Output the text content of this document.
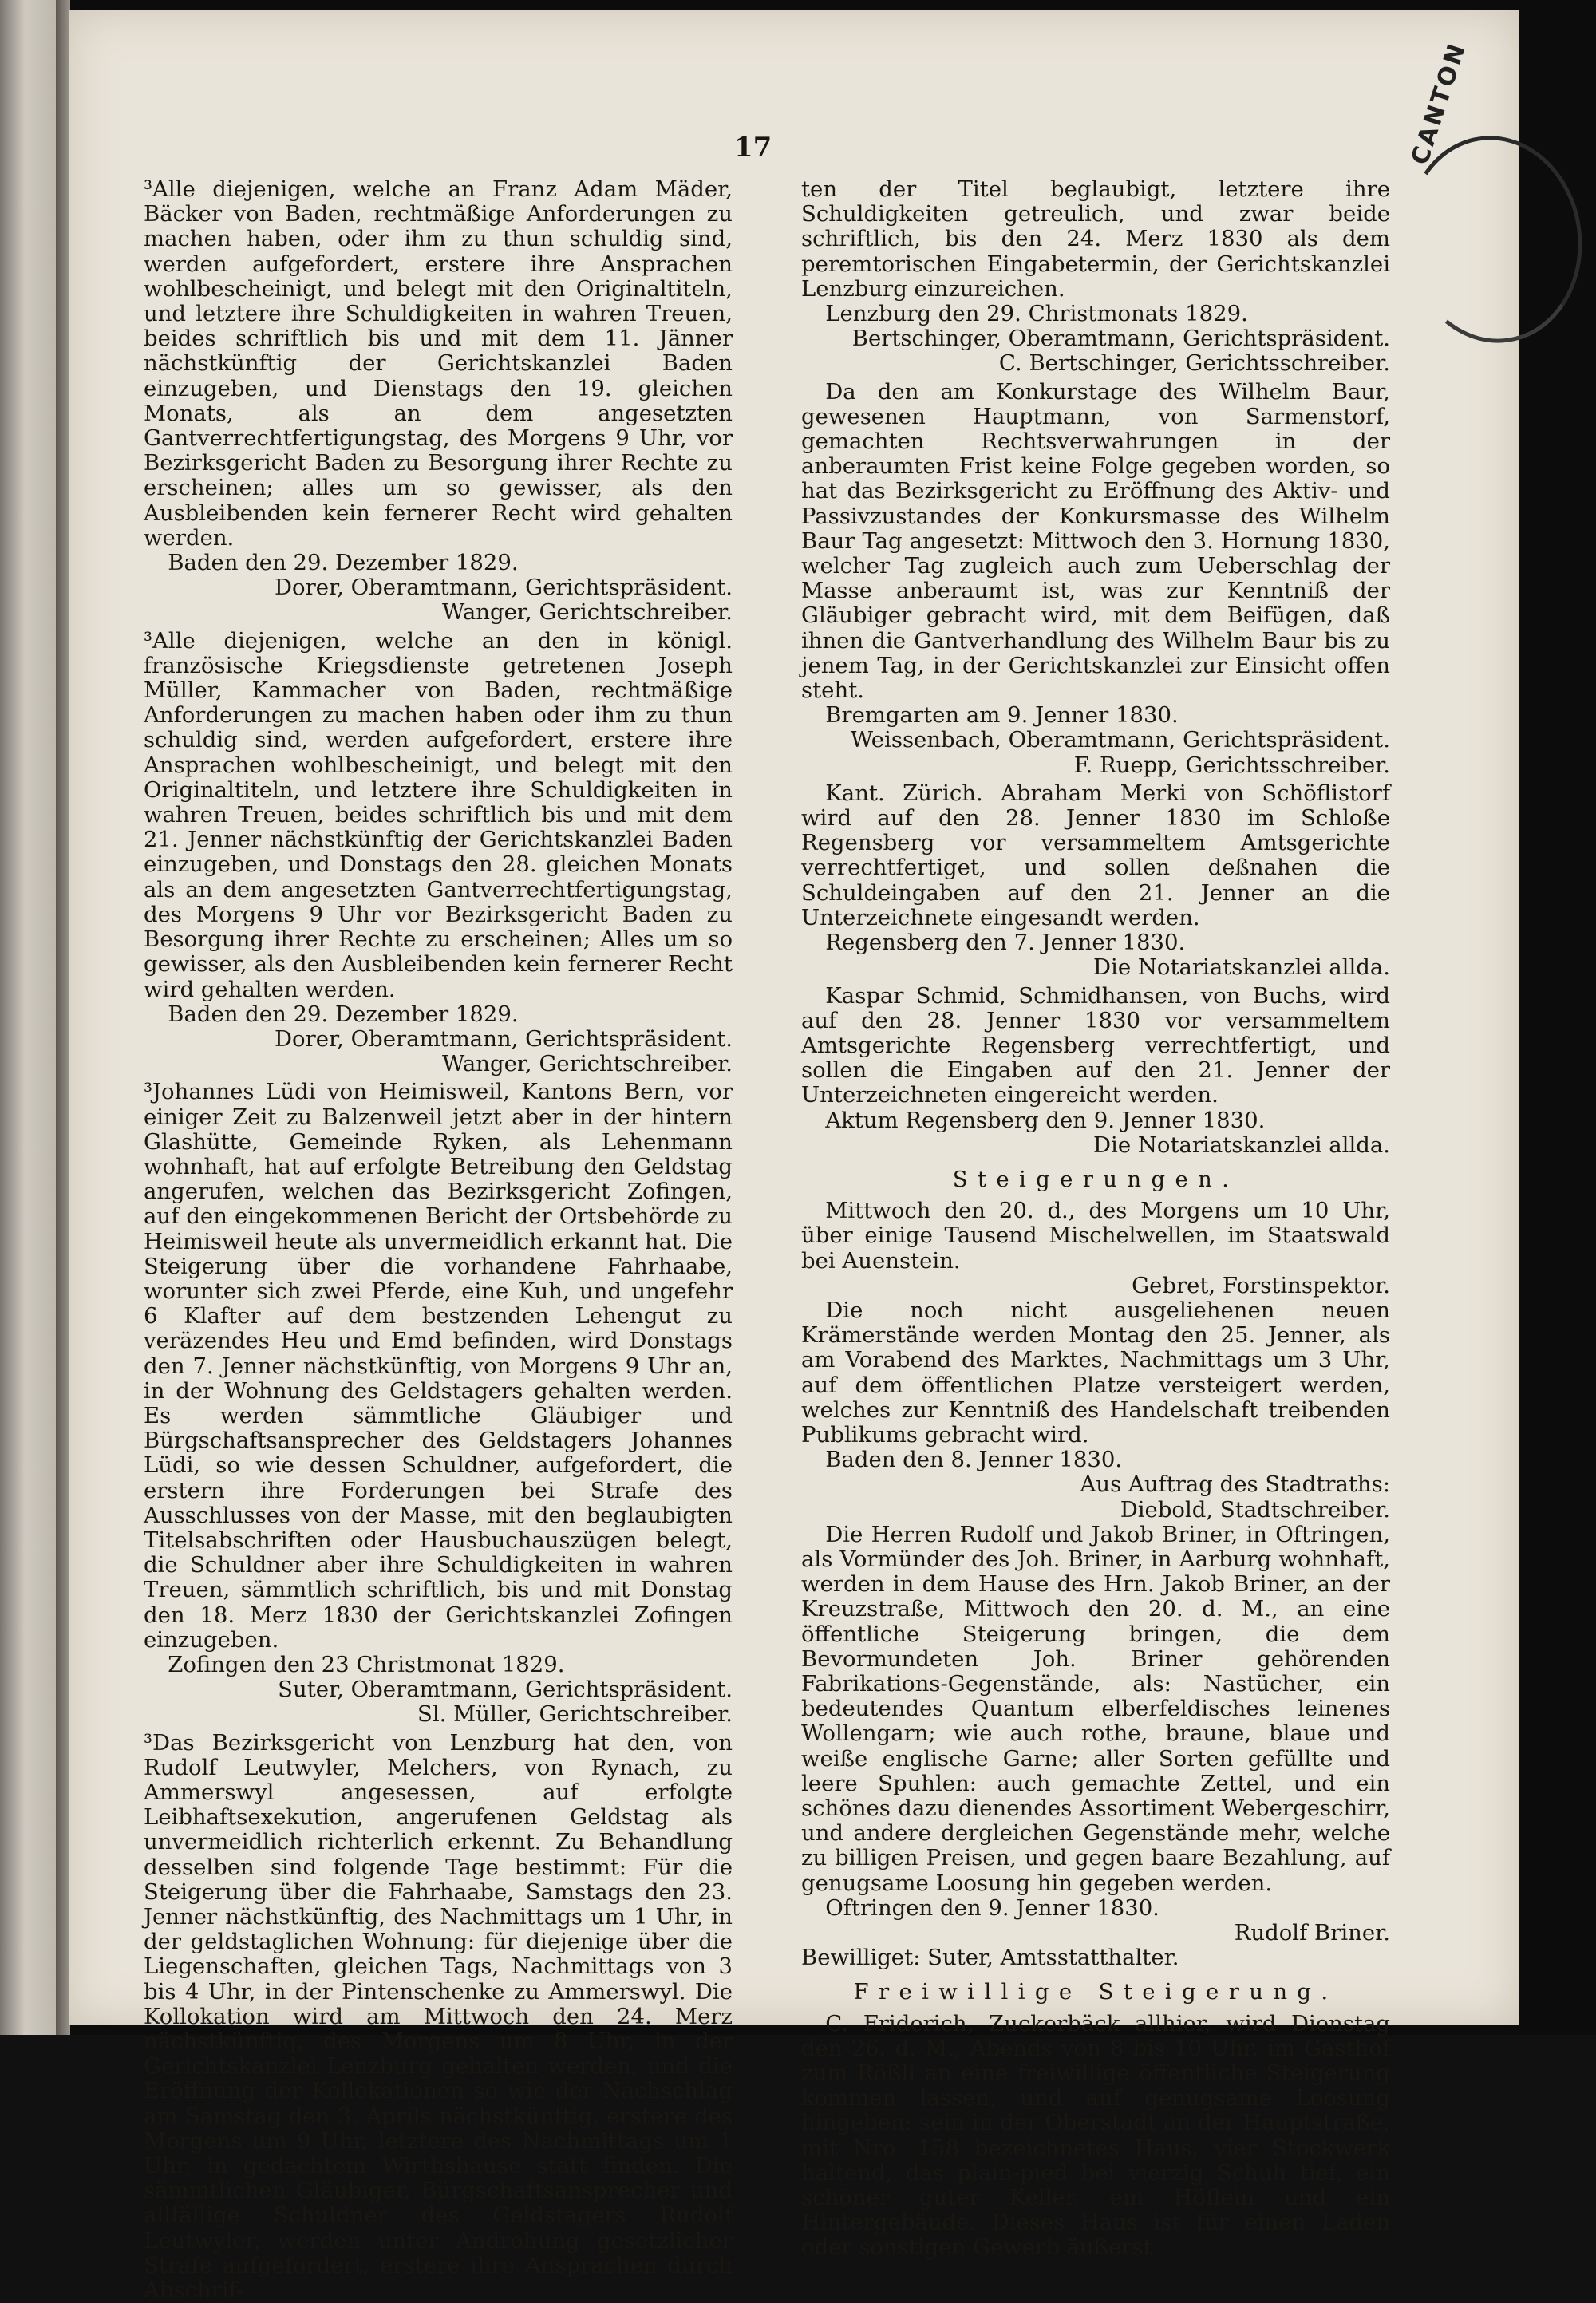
17	CANTON

³Alle diejenigen, welche an Franz Adam Mäder, Bäcker von Baden, rechtmäßige Anforderungen zu machen haben, oder ihm zu thun schuldig sind, werden aufgefordert, erstere ihre Ansprachen wohlbescheinigt, und belegt mit den Originaltiteln, und letztere ihre Schuldigkeiten in wahren Treuen, beides schriftlich bis und mit dem 11. Jänner nächstkünftig der Gerichtskanzlei Baden einzugeben, und Dienstags den 19. gleichen Monats, als an dem angesetzten Gantverrechtfertigungstag, des Morgens 9 Uhr, vor Bezirksgericht Baden zu Besorgung ihrer Rechte zu erscheinen; alles um so gewisser, als den Ausbleibenden kein fernerer Recht wird gehalten werden.

Baden den 29. Dezember 1829.

Dorer, Oberamtmann, Gerichtspräsident.

Wanger, Gerichtschreiber.

³Alle diejenigen, welche an den in königl. französische Kriegsdienste getretenen Joseph Müller, Kammacher von Baden, rechtmäßige Anforderungen zu machen haben oder ihm zu thun schuldig sind, werden aufgefordert, erstere ihre Ansprachen wohlbescheinigt, und belegt mit den Originaltiteln, und letztere ihre Schuldigkeiten in wahren Treuen, beides schriftlich bis und mit dem 21. Jenner nächstkünftig der Gerichtskanzlei Baden einzugeben, und Donstags den 28. gleichen Monats als an dem angesetzten Gantverrechtfertigungstag, des Morgens 9 Uhr vor Bezirksgericht Baden zu Besorgung ihrer Rechte zu erscheinen; Alles um so gewisser, als den Ausbleibenden kein fernerer Recht wird gehalten werden.

Baden den 29. Dezember 1829.

Dorer, Oberamtmann, Gerichtspräsident.

Wanger, Gerichtschreiber.

³Johannes Lüdi von Heimisweil, Kantons Bern, vor einiger Zeit zu Balzenweil jetzt aber in der hintern Glashütte, Gemeinde Ryken, als Lehenmann wohnhaft, hat auf erfolgte Betreibung den Geldstag angerufen, welchen das Bezirksgericht Zofingen, auf den eingekommenen Bericht der Ortsbehörde zu Heimisweil heute als unvermeidlich erkannt hat. Die Steigerung über die vorhandene Fahrhaabe, worunter sich zwei Pferde, eine Kuh, und ungefehr 6 Klafter auf dem bestzenden Lehengut zu veräzendes Heu und Emd befinden, wird Donstags den 7. Jenner nächstkünftig, von Morgens 9 Uhr an, in der Wohnung des Geldstagers gehalten werden. Es werden sämmtliche Gläubiger und Bürgschaftsansprecher des Geldstagers Johannes Lüdi, so wie dessen Schuldner, aufgefordert, die erstern ihre Forderungen bei Strafe des Ausschlusses von der Masse, mit den beglaubigten Titelsabschriften oder Hausbuchauszügen belegt, die Schuldner aber ihre Schuldigkeiten in wahren Treuen, sämmtlich schriftlich, bis und mit Donstag den 18. Merz 1830 der Gerichtskanzlei Zofingen einzugeben.

Zofingen den 23 Christmonat 1829.

Suter, Oberamtmann, Gerichtspräsident.

Sl. Müller, Gerichtschreiber.

³Das Bezirksgericht von Lenzburg hat den, von Rudolf Leutwyler, Melchers, von Rynach, zu Ammerswyl angesessen, auf erfolgte Leibhaftsexekution, angerufenen Geldstag als unvermeidlich richterlich erkennt. Zu Behandlung desselben sind folgende Tage bestimmt: Für die Steigerung über die Fahrhaabe, Samstags den 23. Jenner nächstkünftig, des Nachmittags um 1 Uhr, in der geldstaglichen Wohnung: für diejenige über die Liegenschaften, gleichen Tags, Nachmittags von 3 bis 4 Uhr, in der Pintenschenke zu Ammerswyl. Die Kollokation wird am Mittwoch den 24. Merz nächstkünftig, des Morgens um 8 Uhr, in der Gerichtskanzlei Lenzburg gehalten werden, und die Eröffnung der Kollokationen so wie der Nachschlag am Samstag den 3. Aprils nächstkünftig, erstere des Morgens um 9 Uhr, letztere des Nachmittags um 1 Uhr, in gedachtem Wirthshause statt finden. Die sämmtlichen Gläubiger, Bürgschaftsansprecher und allfällige Schuldner des Geldstagers Rudolf Leutwyler, werden unter Androhung gesetzlicher Strafe aufgefordert, erstere ihre Ansprachen durch Abschrif-

ten der Titel beglaubigt, letztere ihre Schuldigkeiten getreulich, und zwar beide schriftlich, bis den 24. Merz 1830 als dem peremtorischen Eingabetermin, der Gerichtskanzlei Lenzburg einzureichen.

Lenzburg den 29. Christmonats 1829.

Bertschinger, Oberamtmann, Gerichtspräsident.

C. Bertschinger, Gerichtsschreiber.

Da den am Konkurstage des Wilhelm Baur, gewesenen Hauptmann, von Sarmenstorf, gemachten Rechtsverwahrungen in der anberaumten Frist keine Folge gegeben worden, so hat das Bezirksgericht zu Eröffnung des Aktiv- und Passivzustandes der Konkursmasse des Wilhelm Baur Tag angesetzt: Mittwoch den 3. Hornung 1830, welcher Tag zugleich auch zum Ueberschlag der Masse anberaumt ist, was zur Kenntniß der Gläubiger gebracht wird, mit dem Beifügen, daß ihnen die Gantverhandlung des Wilhelm Baur bis zu jenem Tag, in der Gerichtskanzlei zur Einsicht offen steht.

Bremgarten am 9. Jenner 1830.

Weissenbach, Oberamtmann, Gerichtspräsident.

F. Ruepp, Gerichtsschreiber.

Kant. Zürich. Abraham Merki von Schöflistorf wird auf den 28. Jenner 1830 im Schloße Regensberg vor versammeltem Amtsgerichte verrechtfertiget, und sollen deßnahen die Schuldeingaben auf den 21. Jenner an die Unterzeichnete eingesandt werden.

Regensberg den 7. Jenner 1830.

Die Notariatskanzlei allda.

Kaspar Schmid, Schmidhansen, von Buchs, wird auf den 28. Jenner 1830 vor versammeltem Amtsgerichte Regensberg verrechtfertigt, und sollen die Eingaben auf den 21. Jenner der Unterzeichneten eingereicht werden.

Aktum Regensberg den 9. Jenner 1830.

Die Notariatskanzlei allda.

Steigerungen.

Mittwoch den 20. d., des Morgens um 10 Uhr, über einige Tausend Mischelwellen, im Staatswald bei Auenstein.

Gebret, Forstinspektor.

Die noch nicht ausgeliehenen neuen Krämerstände werden Montag den 25. Jenner, als am Vorabend des Marktes, Nachmittags um 3 Uhr, auf dem öffentlichen Platze versteigert werden, welches zur Kenntniß des Handelschaft treibenden Publikums gebracht wird.

Baden den 8. Jenner 1830.

Aus Auftrag des Stadtraths:

Diebold, Stadtschreiber.

Die Herren Rudolf und Jakob Briner, in Oftringen, als Vormünder des Joh. Briner, in Aarburg wohnhaft, werden in dem Hause des Hrn. Jakob Briner, an der Kreuzstraße, Mittwoch den 20. d. M., an eine öffentliche Steigerung bringen, die dem Bevormundeten Joh. Briner gehörenden Fabrikations-Gegenstände, als: Nastücher, ein bedeutendes Quantum elberfeldisches leinenes Wollengarn; wie auch rothe, braune, blaue und weiße englische Garne; aller Sorten gefüllte und leere Spuhlen: auch gemachte Zettel, und ein schönes dazu dienendes Assortiment Webergeschirr, und andere dergleichen Gegenstände mehr, welche zu billigen Preisen, und gegen baare Bezahlung, auf genugsame Loosung hin gegeben werden.

Oftringen den 9. Jenner 1830.

Rudolf Briner.

Bewilliget: Suter, Amtsstatthalter.

Freiwillige Steigerung.

C. Friderich, Zuckerbäck allhier, wird Dienstag den 26. d. M., Abends von 8 bis 10 Uhr, im Gasthof zum Rößli an eine freiwillige öffentliche Steigerung kommen lassen, und auf genugsame Loosung hingeben: sein in der Oberstadt an der Hauptstraße, mit Nro. 158 bezeichnetes Haus, vier Stockwerk haltend, das plain-pied bei vierzig Schuh tief, ein schöner guter Keller, ein Höflein und ein Hintergebäude. Dieses Haus ist für einen Laden oder sonstigen Gewerb äußerst
